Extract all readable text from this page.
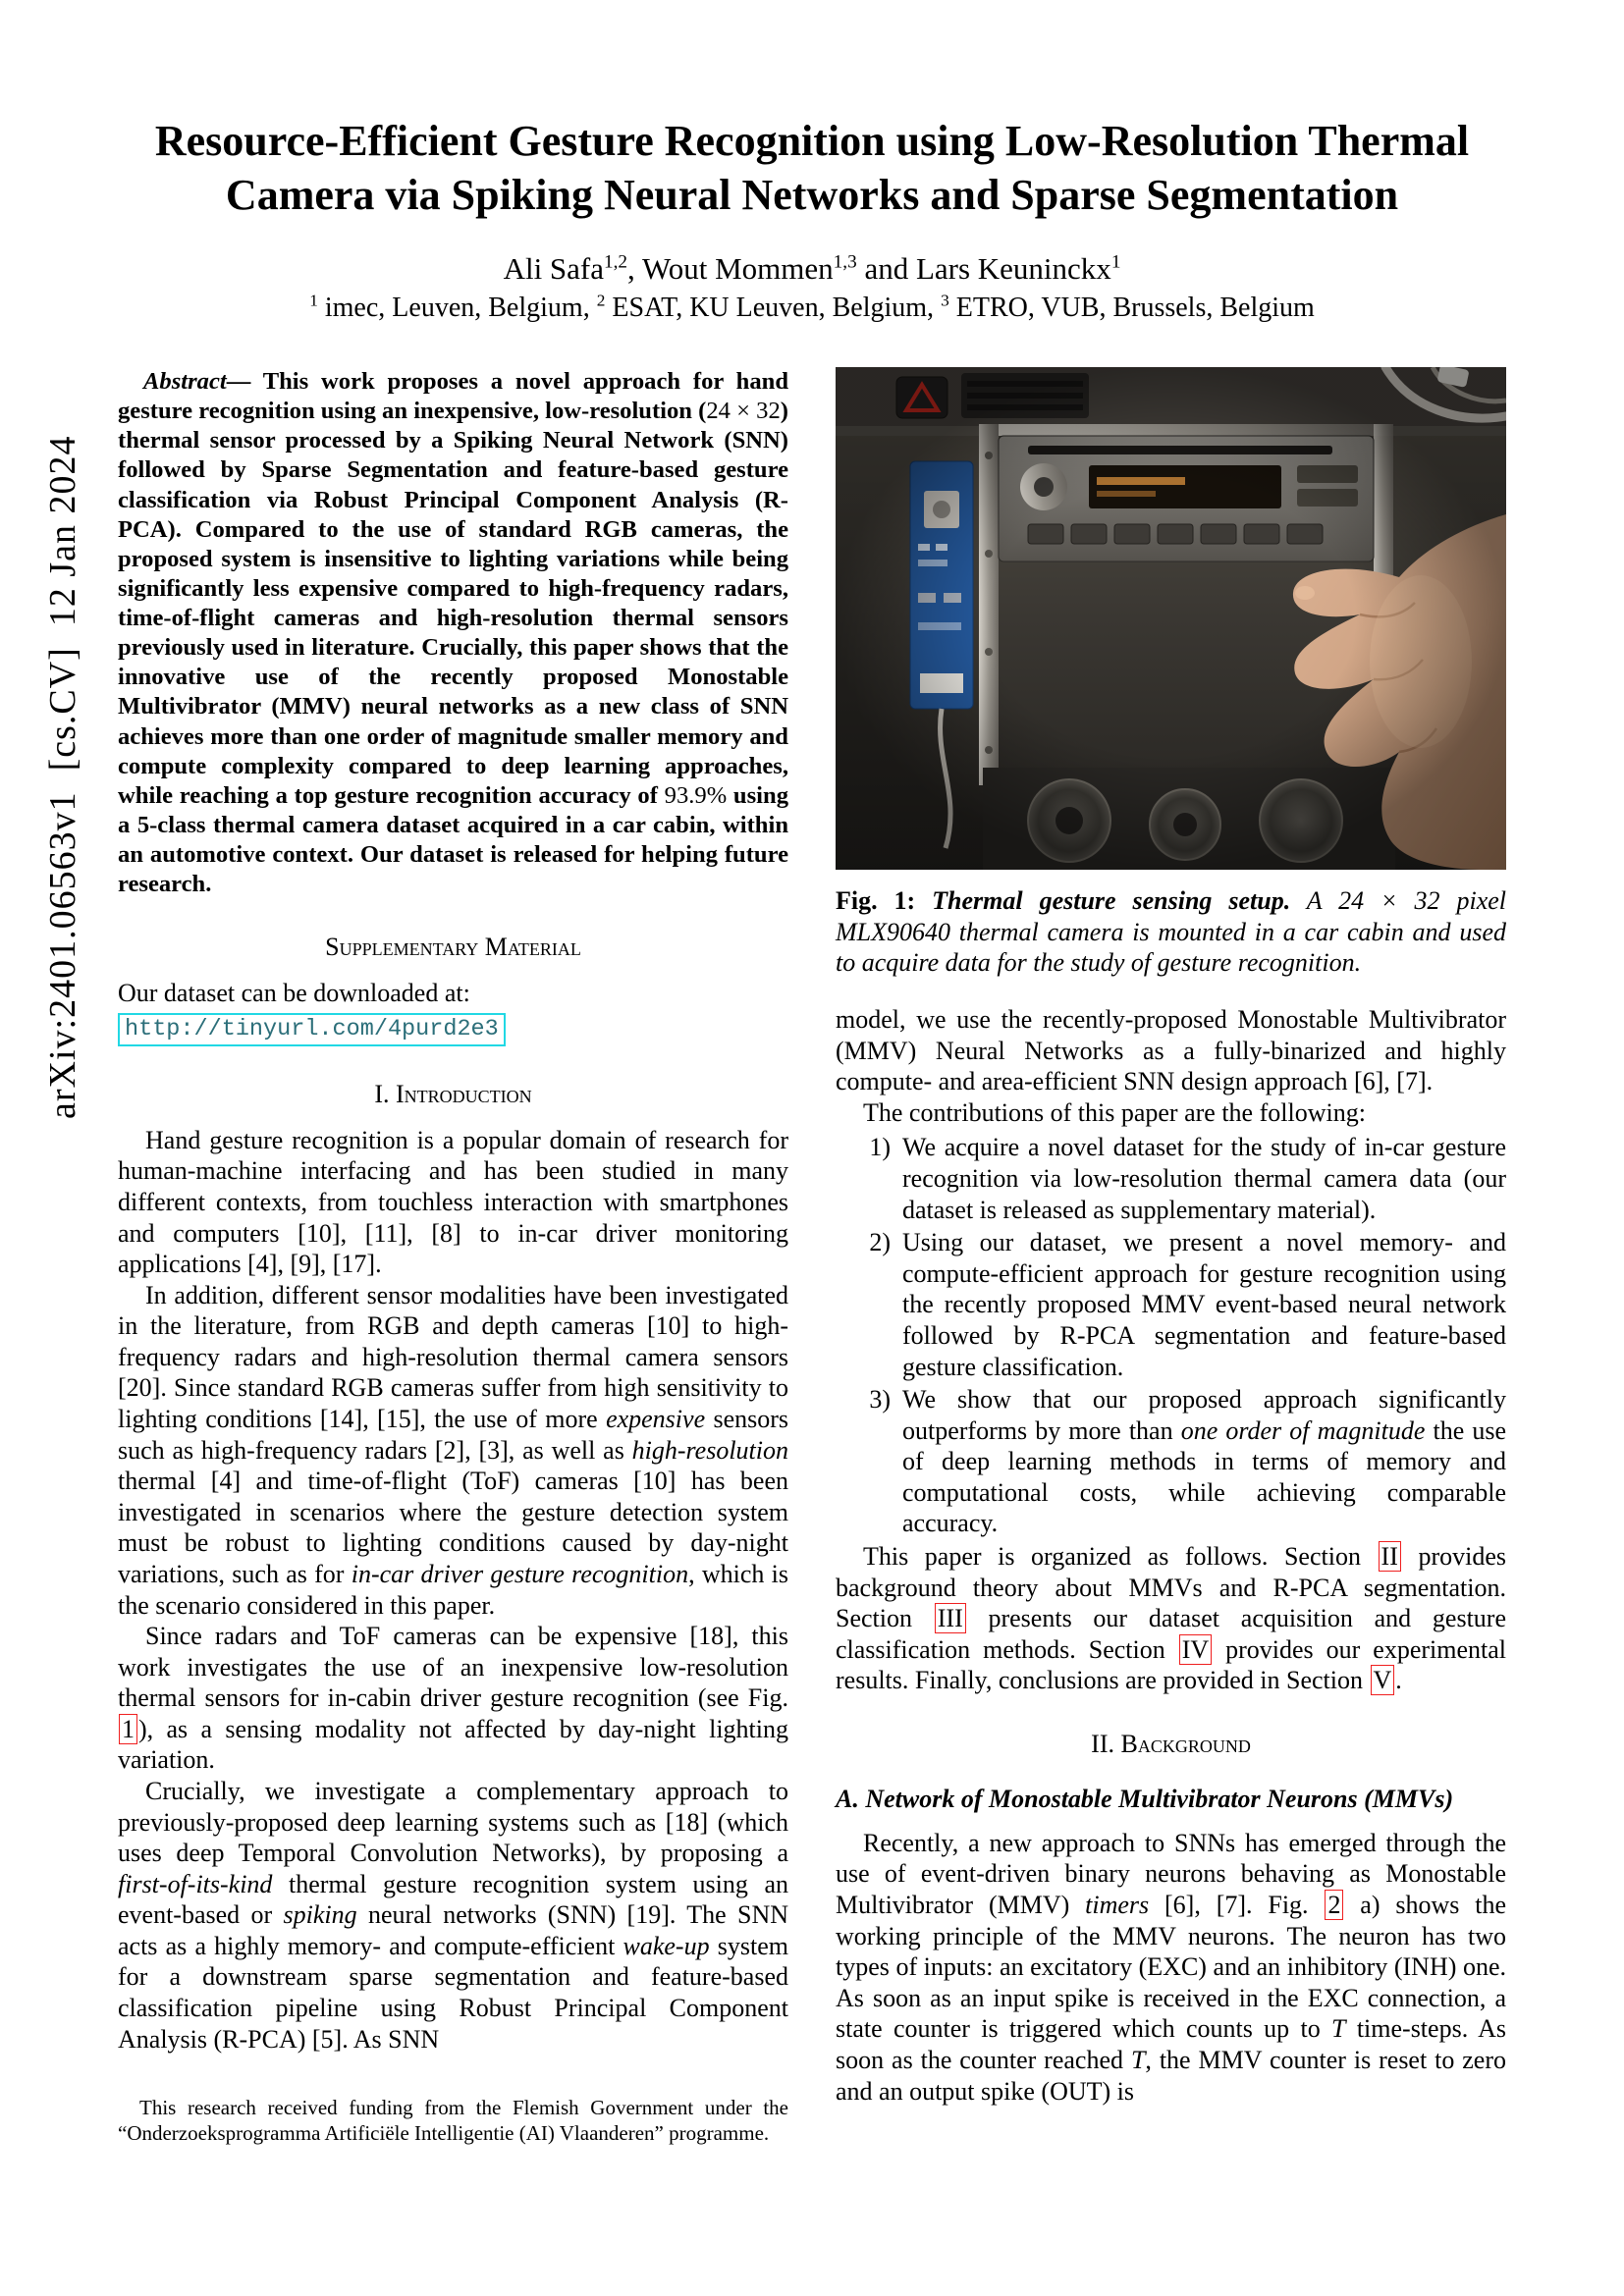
arXiv:2401.06563v1  [cs.CV]  12 Jan 2024
Resource-Efficient Gesture Recognition using Low-Resolution Thermal
Camera via Spiking Neural Networks and Sparse Segmentation
Ali Safa$^{1,2}$, Wout Mommen$^{1,3}$ and Lars Keuninckx$^1$
$^1$ imec, Leuven, Belgium, $^2$ ESAT, KU Leuven, Belgium, $^3$ ETRO, VUB, Brussels, Belgium

Abstract— This work proposes a novel approach for hand gesture recognition using an inexpensive, low-resolution (24 × 32) thermal sensor processed by a Spiking Neural Network (SNN) followed by Sparse Segmentation and feature-based gesture classification via Robust Principal Component Analysis (R-PCA). Compared to the use of standard RGB cameras, the proposed system is insensitive to lighting variations while being significantly less expensive compared to high-frequency radars, time-of-flight cameras and high-resolution thermal sensors previously used in literature. Crucially, this paper shows that the innovative use of the recently proposed Monostable Multivibrator (MMV) neural networks as a new class of SNN achieves more than one order of magnitude smaller memory and compute complexity compared to deep learning approaches, while reaching a top gesture recognition accuracy of 93.9% using a 5-class thermal camera dataset acquired in a car cabin, within an automotive context. Our dataset is released for helping future research.

Supplementary Material

Our dataset can be downloaded at:

http://tinyurl.com/4purd2e3

I. Introduction

Hand gesture recognition is a popular domain of research for human-machine interfacing and has been studied in many different contexts, from touchless interaction with smartphones and computers [10], [11], [8] to in-car driver monitoring applications [4], [9], [17].

In addition, different sensor modalities have been investigated in the literature, from RGB and depth cameras [10] to high-frequency radars and high-resolution thermal camera sensors [20]. Since standard RGB cameras suffer from high sensitivity to lighting conditions [14], [15], the use of more expensive sensors such as high-frequency radars [2], [3], as well as high-resolution thermal [4] and time-of-flight (ToF) cameras [10] has been investigated in scenarios where the gesture detection system must be robust to lighting conditions caused by day-night variations, such as for in-car driver gesture recognition, which is the scenario considered in this paper.

Since radars and ToF cameras can be expensive [18], this work investigates the use of an inexpensive low-resolution thermal sensors for in-cabin driver gesture recognition (see Fig. 1 ), as a sensing modality not affected by day-night lighting variation.

Crucially, we investigate a complementary approach to previously-proposed deep learning systems such as [18] (which uses deep Temporal Convolution Networks), by proposing a first-of-its-kind thermal gesture recognition system using an event-based or spiking neural networks (SNN) [19]. The SNN acts as a highly memory- and compute-efficient wake-up system for a downstream sparse segmentation and feature-based classification pipeline using Robust Principal Component Analysis (R-PCA) [5]. As SNN

This research received funding from the Flemish Government under the “Onderzoeksprogramma Artificiële Intelligentie (AI) Vlaanderen” programme.

Fig. 1: Thermal gesture sensing setup. A 24 × 32 pixel MLX90640 thermal camera is mounted in a car cabin and used to acquire data for the study of gesture recognition.

model, we use the recently-proposed Monostable Multivibrator (MMV) Neural Networks as a fully-binarized and highly compute- and area-efficient SNN design approach [6], [7].

The contributions of this paper are the following:

1) We acquire a novel dataset for the study of in-car gesture recognition via low-resolution thermal camera data (our dataset is released as supplementary material).
2) Using our dataset, we present a novel memory- and compute-efficient approach for gesture recognition using the recently proposed MMV event-based neural network followed by R-PCA segmentation and feature-based gesture classification.
3) We show that our proposed approach significantly outperforms by more than one order of magnitude the use of deep learning methods in terms of memory and computational costs, while achieving comparable accuracy.

This paper is organized as follows. Section II provides background theory about MMVs and R-PCA segmentation. Section III presents our dataset acquisition and gesture classification methods. Section IV provides our experimental results. Finally, conclusions are provided in Section V .

II. Background
A. Network of Monostable Multivibrator Neurons (MMVs)

Recently, a new approach to SNNs has emerged through the use of event-driven binary neurons behaving as Monostable Multivibrator (MMV) timers [6], [7]. Fig. 2 a) shows the working principle of the MMV neurons. The neuron has two types of inputs: an excitatory (EXC) and an inhibitory (INH) one. As soon as an input spike is received in the EXC connection, a state counter is triggered which counts up to T time-steps. As soon as the counter reached T, the MMV counter is reset to zero and an output spike (OUT) is
